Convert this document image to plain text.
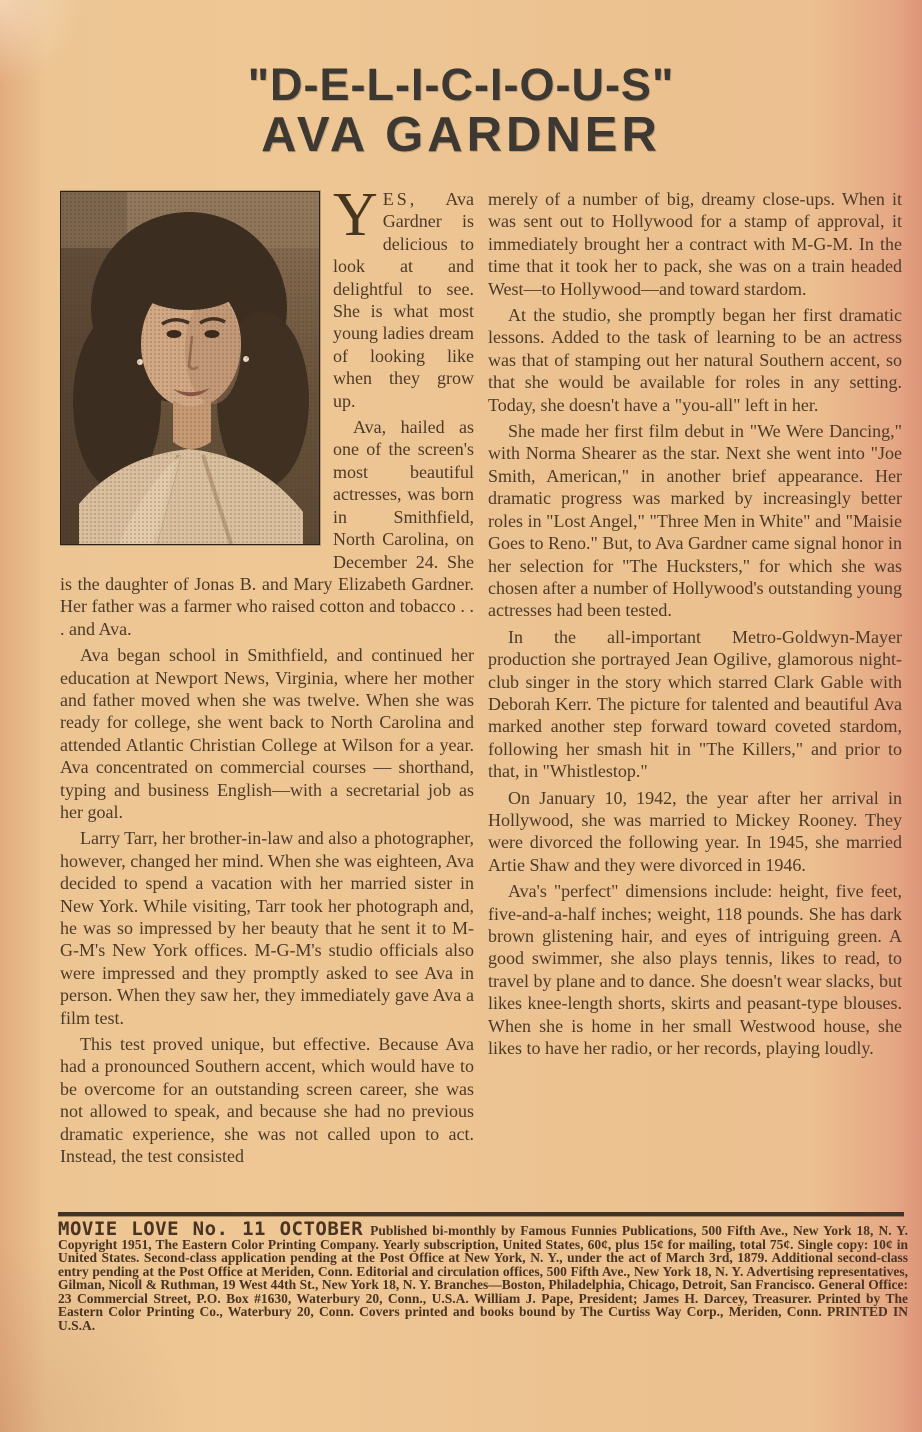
"D-E-L-I-C-I-O-U-S"
AVA GARDNER

YES, Ava Gardner is delicious to look at and delightful to see. She is what most young ladies dream of looking like when they grow up.

Ava, hailed as one of the screen's most beautiful actresses, was born in Smithfield, North Carolina, on December 24. She is the daughter of Jonas B. and Mary Elizabeth Gardner. Her father was a farmer who raised cotton and tobacco . . . and Ava.

Ava began school in Smithfield, and continued her education at Newport News, Virginia, where her mother and father moved when she was twelve. When she was ready for college, she went back to North Carolina and attended Atlantic Christian College at Wilson for a year. Ava concentrated on commercial courses — shorthand, typing and business English—with a secretarial job as her goal.

Larry Tarr, her brother-in-law and also a photographer, however, changed her mind. When she was eighteen, Ava decided to spend a vacation with her married sister in New York. While visiting, Tarr took her photograph and, he was so impressed by her beauty that he sent it to M-G-M's New York offices. M-G-M's studio officials also were impressed and they promptly asked to see Ava in person. When they saw her, they immediately gave Ava a film test.

This test proved unique, but effective. Because Ava had a pronounced Southern accent, which would have to be overcome for an outstanding screen career, she was not allowed to speak, and because she had no previous dramatic experience, she was not called upon to act. Instead, the test consisted

merely of a number of big, dreamy close-ups. When it was sent out to Hollywood for a stamp of approval, it immediately brought her a contract with M-G-M. In the time that it took her to pack, she was on a train headed West—to Hollywood—and toward stardom.

At the studio, she promptly began her first dramatic lessons. Added to the task of learning to be an actress was that of stamping out her natural Southern accent, so that she would be available for roles in any setting. Today, she doesn't have a "you-all" left in her.

She made her first film debut in "We Were Dancing," with Norma Shearer as the star. Next she went into "Joe Smith, American," in another brief appearance. Her dramatic progress was marked by increasingly better roles in "Lost Angel," "Three Men in White" and "Maisie Goes to Reno." But, to Ava Gardner came signal honor in her selection for "The Hucksters," for which she was chosen after a number of Hollywood's outstanding young actresses had been tested.

In the all-important Metro-Goldwyn-Mayer production she portrayed Jean Ogilive, glamorous night-club singer in the story which starred Clark Gable with Deborah Kerr. The picture for talented and beautiful Ava marked another step forward toward coveted stardom, following her smash hit in "The Killers," and prior to that, in "Whistlestop."

On January 10, 1942, the year after her arrival in Hollywood, she was married to Mickey Rooney. They were divorced the following year. In 1945, she married Artie Shaw and they were divorced in 1946.

Ava's "perfect" dimensions include: height, five feet, five-and-a-half inches; weight, 118 pounds. She has dark brown glistening hair, and eyes of intriguing green. A good swimmer, she also plays tennis, likes to read, to travel by plane and to dance. She doesn't wear slacks, but likes knee-length shorts, skirts and peasant-type blouses. When she is home in her small Westwood house, she likes to have her radio, or her records, playing loudly.

MOVIE LOVE No. 11 OCTOBER Published bi-monthly by Famous Funnies Publications, 500 Fifth Ave., New York 18, N. Y. Copyright 1951, The Eastern Color Printing Company. Yearly subscription, United States, 60¢, plus 15¢ for mailing, total 75¢. Single copy: 10¢ in United States. Second-class application pending at the Post Office at New York, N. Y., under the act of March 3rd, 1879. Additional second-class entry pending at the Post Office at Meriden, Conn. Editorial and circulation offices, 500 Fifth Ave., New York 18, N. Y. Advertising representatives, Gilman, Nicoll & Ruthman, 19 West 44th St., New York 18, N. Y. Branches—Boston, Philadelphia, Chicago, Detroit, San Francisco. General Office: 23 Commercial Street, P.O. Box #1630, Waterbury 20, Conn., U.S.A. William J. Pape, President; James H. Darcey, Treasurer. Printed by The Eastern Color Printing Co., Waterbury 20, Conn. Covers printed and books bound by The Curtiss Way Corp., Meriden, Conn. PRINTED IN U.S.A.
